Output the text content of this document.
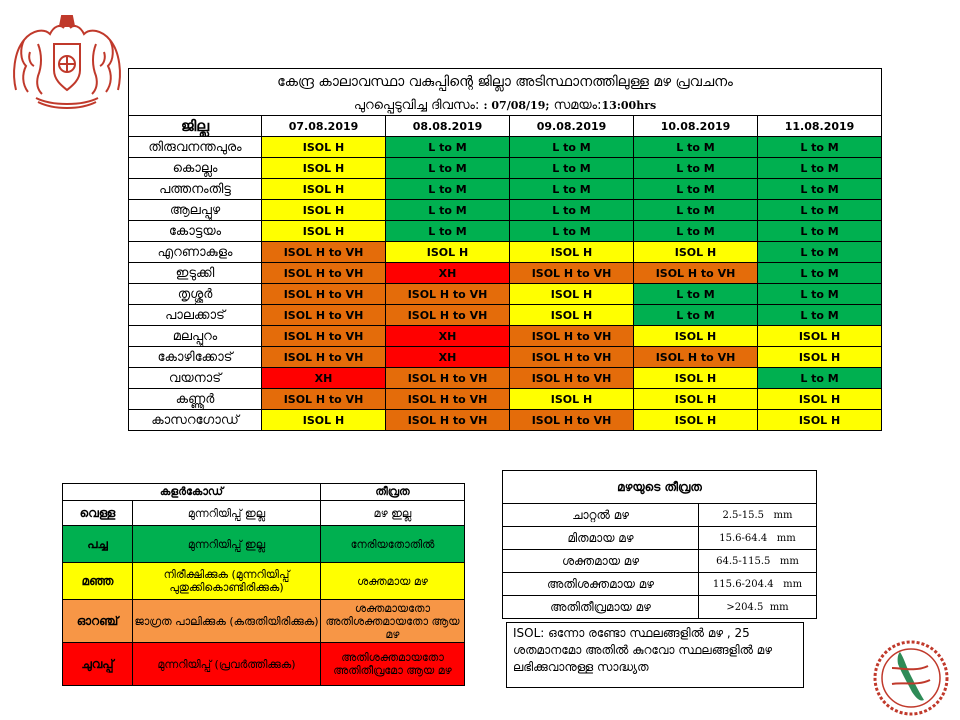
കേന്ദ്ര കാലാവസ്ഥാ വകുപ്പിന്റെ ജില്ലാ അടിസ്ഥാനത്തിലുള്ള മഴ പ്രവചനം					
പുറപ്പെടുവിച്ച ദിവസം: : 07/08/19; സമയം:13:00hrs					
ജില്ല	07.08.2019	08.08.2019	09.08.2019	10.08.2019	11.08.2019
തിരുവനന്തപുരം	ISOL H	L to M	L to M	L to M	L to M
കൊല്ലം	ISOL H	L to M	L to M	L to M	L to M
പത്തനംതിട്ട	ISOL H	L to M	L to M	L to M	L to M
ആലപ്പുഴ	ISOL H	L to M	L to M	L to M	L to M
കോട്ടയം	ISOL H	L to M	L to M	L to M	L to M
എറണാകുളം	ISOL H to VH	ISOL H	ISOL H	ISOL H	L to M
ഇടുക്കി	ISOL H to VH	XH	ISOL H to VH	ISOL H to VH	L to M
തൃശ്ശൂർ	ISOL H to VH	ISOL H to VH	ISOL H	L to M	L to M
പാലക്കാട്	ISOL H to VH	ISOL H to VH	ISOL H	L to M	L to M
മലപ്പുറം	ISOL H to VH	XH	ISOL H to VH	ISOL H	ISOL H
കോഴിക്കോട്	ISOL H to VH	XH	ISOL H to VH	ISOL H to VH	ISOL H
വയനാട്	XH	ISOL H to VH	ISOL H to VH	ISOL H	L to M
കണ്ണൂർ	ISOL H to VH	ISOL H to VH	ISOL H	ISOL H	ISOL H
കാസറഗോഡ്	ISOL H	ISOL H to VH	ISOL H to VH	ISOL H	ISOL H
കളർകോഡ്		തീവ്രത
വെള്ള	മുന്നറിയിപ്പ് ഇല്ല	മഴ ഇല്ല
പച്ച	മുന്നറിയിപ്പ് ഇല്ല	നേരിയതോതിൽ
മഞ്ഞ	നിരീക്ഷിക്കുക (മുന്നറിയിപ്പ് പുതുക്കികൊണ്ടിരിക്കുക)	ശക്തമായ മഴ
ഓറഞ്ച്	ജാഗ്രത പാലിക്കുക (കരുതിയിരിക്കുക)	ശക്തമായതോ അതിശക്തമായതോ ആയ മഴ
ചുവപ്പ്	മുന്നറിയിപ്പ് (പ്രവർത്തിക്കുക)	അതിശക്തമായതോ അതിതീവ്രമോ ആയ മഴ
മഴയുടെ തീവ്രത	
ചാറ്റൽ മഴ	2.5-15.5   mm
മിതമായ മഴ	15.6-64.4   mm
ശക്തമായ മഴ	64.5-115.5   mm
അതിശക്തമായ മഴ	115.6-204.4   mm
അതിതീവ്രമായ മഴ	>204.5  mm
ISOL: ഒന്നോ രണ്ടോ സ്ഥലങ്ങളിൽ മഴ , 25 ശതമാനമോ അതിൽ കുറവോ സ്ഥലങ്ങളിൽ മഴ ലഭിക്കുവാനുള്ള സാദ്ധ്യത
